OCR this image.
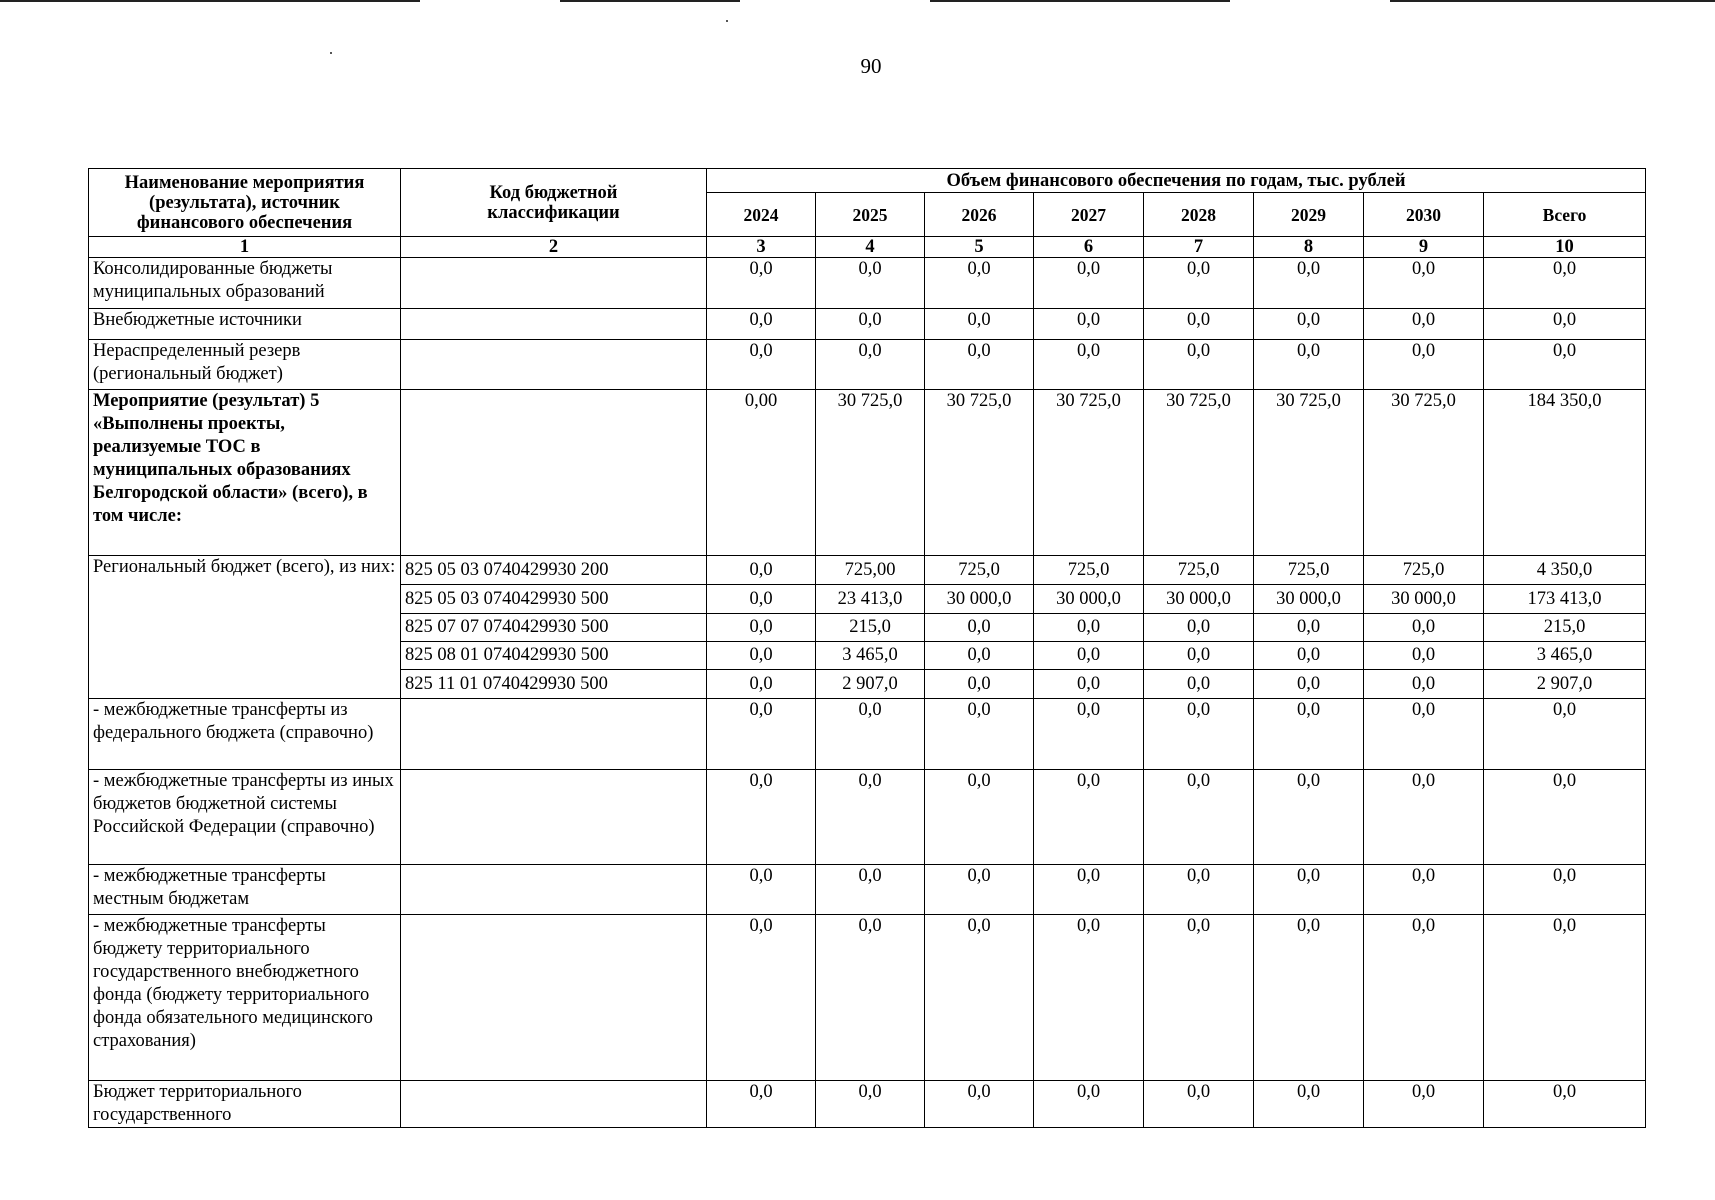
90
Наименование мероприятия (результата), источник финансового обеспечения	Код бюджетной классификации	Объем финансового обеспечения по годам, тыс. рублей							
		2024	2025	2026	2027	2028	2029	2030	Всего
1	2	3	4	5	6	7	8	9	10
Консолидированные бюджеты муниципальных образований		0,0	0,0	0,0	0,0	0,0	0,0	0,0	0,0
Внебюджетные источники		0,0	0,0	0,0	0,0	0,0	0,0	0,0	0,0
Нераспределенный резерв (региональный бюджет)		0,0	0,0	0,0	0,0	0,0	0,0	0,0	0,0
Мероприятие (результат) 5 «Выполнены проекты, реализуемые ТОС в муниципальных образованиях Белгородской области» (всего), в том числе:		0,00	30 725,0	30 725,0	30 725,0	30 725,0	30 725,0	30 725,0	184 350,0
Региональный бюджет (всего), из них:	825 05 03 0740429930 200	0,0	725,00	725,0	725,0	725,0	725,0	725,0	4 350,0
	825 05 03 0740429930 500	0,0	23 413,0	30 000,0	30 000,0	30 000,0	30 000,0	30 000,0	173 413,0
	825 07 07 0740429930 500	0,0	215,0	0,0	0,0	0,0	0,0	0,0	215,0
	825 08 01 0740429930 500	0,0	3 465,0	0,0	0,0	0,0	0,0	0,0	3 465,0
	825 11 01 0740429930 500	0,0	2 907,0	0,0	0,0	0,0	0,0	0,0	2 907,0
- межбюджетные трансферты из федерального бюджета (справочно)		0,0	0,0	0,0	0,0	0,0	0,0	0,0	0,0
- межбюджетные трансферты из иных бюджетов бюджетной системы Российской Федерации (справочно)		0,0	0,0	0,0	0,0	0,0	0,0	0,0	0,0
- межбюджетные трансферты местным бюджетам		0,0	0,0	0,0	0,0	0,0	0,0	0,0	0,0
- межбюджетные трансферты бюджету территориального государственного внебюджетного фонда (бюджету территориального фонда обязательного медицинского страхования)		0,0	0,0	0,0	0,0	0,0	0,0	0,0	0,0
Бюджет территориального государственного		0,0	0,0	0,0	0,0	0,0	0,0	0,0	0,0
